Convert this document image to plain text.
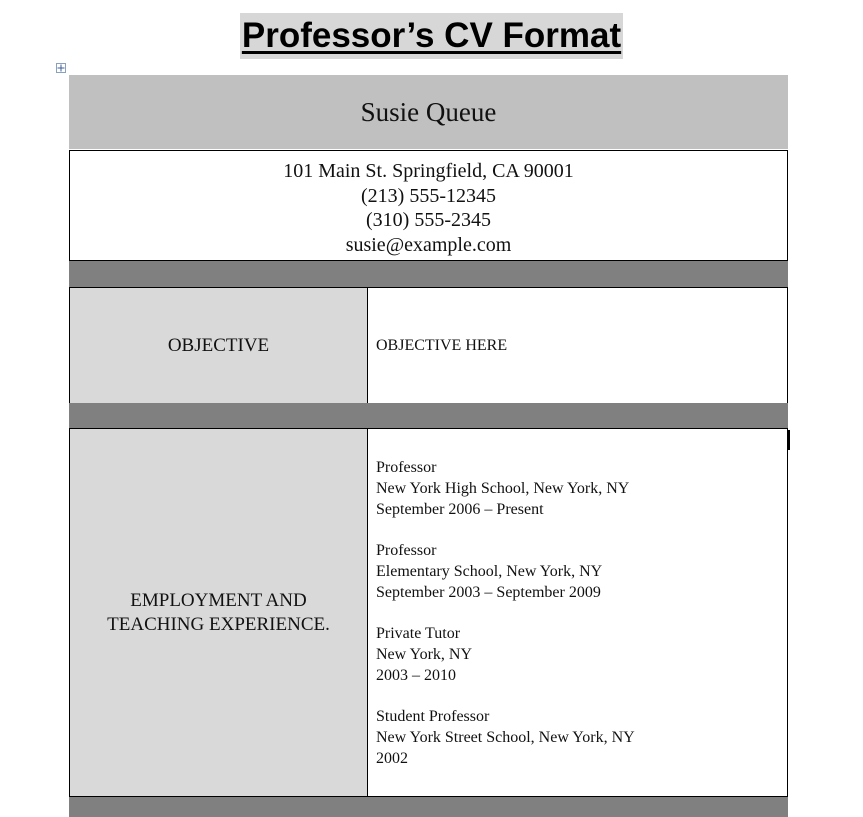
Professor’s CV Format
Susie Queue
101 Main St. Springfield, CA 90001
(213) 555-12345
(310) 555-2345
susie@example.com
OBJECTIVE	OBJECTIVE HERE
EMPLOYMENT AND
TEACHING EXPERIENCE.
Professor
New York High School, New York, NY
September 2006 – Present
Professor
Elementary School, New York, NY
September 2003 – September 2009
Private Tutor
New York, NY
2003 – 2010
Student Professor
New York Street School, New York, NY
2002
